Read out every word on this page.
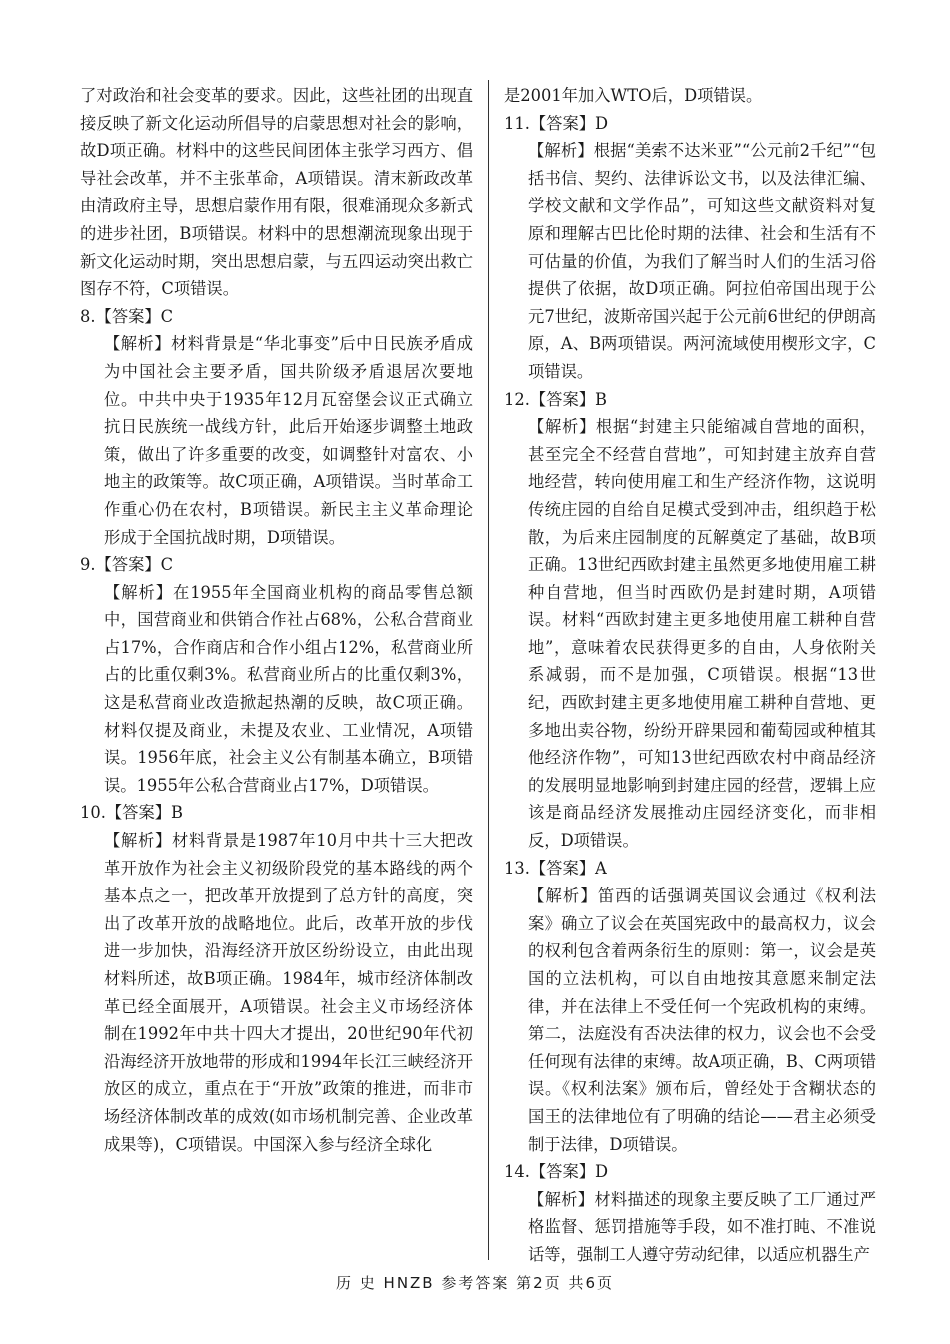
了对政治和社会变革的要求。因此，这些社团的出现直接反映了新文化运动所倡导的启蒙思想对社会的影响，故D项正确。材料中的这些民间团体主张学习西方、倡导社会改革，并不主张革命，A项错误。清末新政改革由清政府主导，思想启蒙作用有限，很难涌现众多新式的进步社团，B项错误。材料中的思想潮流现象出现于新文化运动时期，突出思想启蒙，与五四运动突出救亡图存不符，C项错误。

8.【答案】C

【解析】材料背景是“华北事变”后中日民族矛盾成为中国社会主要矛盾，国共阶级矛盾退居次要地位。中共中央于1935年12月瓦窑堡会议正式确立抗日民族统一战线方针，此后开始逐步调整土地政策，做出了许多重要的改变，如调整针对富农、小地主的政策等。故C项正确，A项错误。当时革命工作重心仍在农村，B项错误。新民主主义革命理论形成于全国抗战时期，D项错误。

9.【答案】C

【解析】在1955年全国商业机构的商品零售总额中，国营商业和供销合作社占68%，公私合营商业占17%，合作商店和合作小组占12%，私营商业所占的比重仅剩3%。私营商业所占的比重仅剩3%，这是私营商业改造掀起热潮的反映，故C项正确。材料仅提及商业，未提及农业、工业情况，A项错误。1956年底，社会主义公有制基本确立，B项错误。1955年公私合营商业占17%，D项错误。

10.【答案】B

【解析】材料背景是1987年10月中共十三大把改革开放作为社会主义初级阶段党的基本路线的两个基本点之一，把改革开放提到了总方针的高度，突出了改革开放的战略地位。此后，改革开放的步伐进一步加快，沿海经济开放区纷纷设立，由此出现材料所述，故B项正确。1984年，城市经济体制改革已经全面展开，A项错误。社会主义市场经济体制在1992年中共十四大才提出，20世纪90年代初沿海经济开放地带的形成和1994年长江三峡经济开放区的成立，重点在于“开放”政策的推进，而非市场经济体制改革的成效(如市场机制完善、企业改革成果等)，C项错误。中国深入参与经济全球化

是2001年加入WTO后，D项错误。

11.【答案】D

【解析】根据“美索不达米亚”“公元前2千纪”“包括书信、契约、法律诉讼文书，以及法律汇编、学校文献和文学作品”，可知这些文献资料对复原和理解古巴比伦时期的法律、社会和生活有不可估量的价值，为我们了解当时人们的生活习俗提供了依据，故D项正确。阿拉伯帝国出现于公元7世纪，波斯帝国兴起于公元前6世纪的伊朗高原，A、B两项错误。两河流域使用楔形文字，C项错误。

12.【答案】B

【解析】根据“封建主只能缩减自营地的面积，甚至完全不经营自营地”，可知封建主放弃自营地经营，转向使用雇工和生产经济作物，这说明传统庄园的自给自足模式受到冲击，组织趋于松散，为后来庄园制度的瓦解奠定了基础，故B项正确。13世纪西欧封建主虽然更多地使用雇工耕种自营地，但当时西欧仍是封建时期，A项错误。材料“西欧封建主更多地使用雇工耕种自营地”，意味着农民获得更多的自由，人身依附关系减弱，而不是加强，C项错误。根据“13世纪，西欧封建主更多地使用雇工耕种自营地、更多地出卖谷物，纷纷开辟果园和葡萄园或种植其他经济作物”，可知13世纪西欧农村中商品经济的发展明显地影响到封建庄园的经营，逻辑上应该是商品经济发展推动庄园经济变化，而非相反，D项错误。

13.【答案】A

【解析】笛西的话强调英国议会通过《权利法案》确立了议会在英国宪政中的最高权力，议会的权利包含着两条衍生的原则：第一，议会是英国的立法机构，可以自由地按其意愿来制定法律，并在法律上不受任何一个宪政机构的束缚。第二，法庭没有否决法律的权力，议会也不会受任何现有法律的束缚。故A项正确，B、C两项错误。《权利法案》颁布后，曾经处于含糊状态的国王的法律地位有了明确的结论——君主必须受制于法律，D项错误。

14.【答案】D

【解析】材料描述的现象主要反映了工厂通过严格监督、惩罚措施等手段，如不准打盹、不准说话等，强制工人遵守劳动纪律，以适应机器生产

历 史 HNZB 参考答案 第2页 共6页
